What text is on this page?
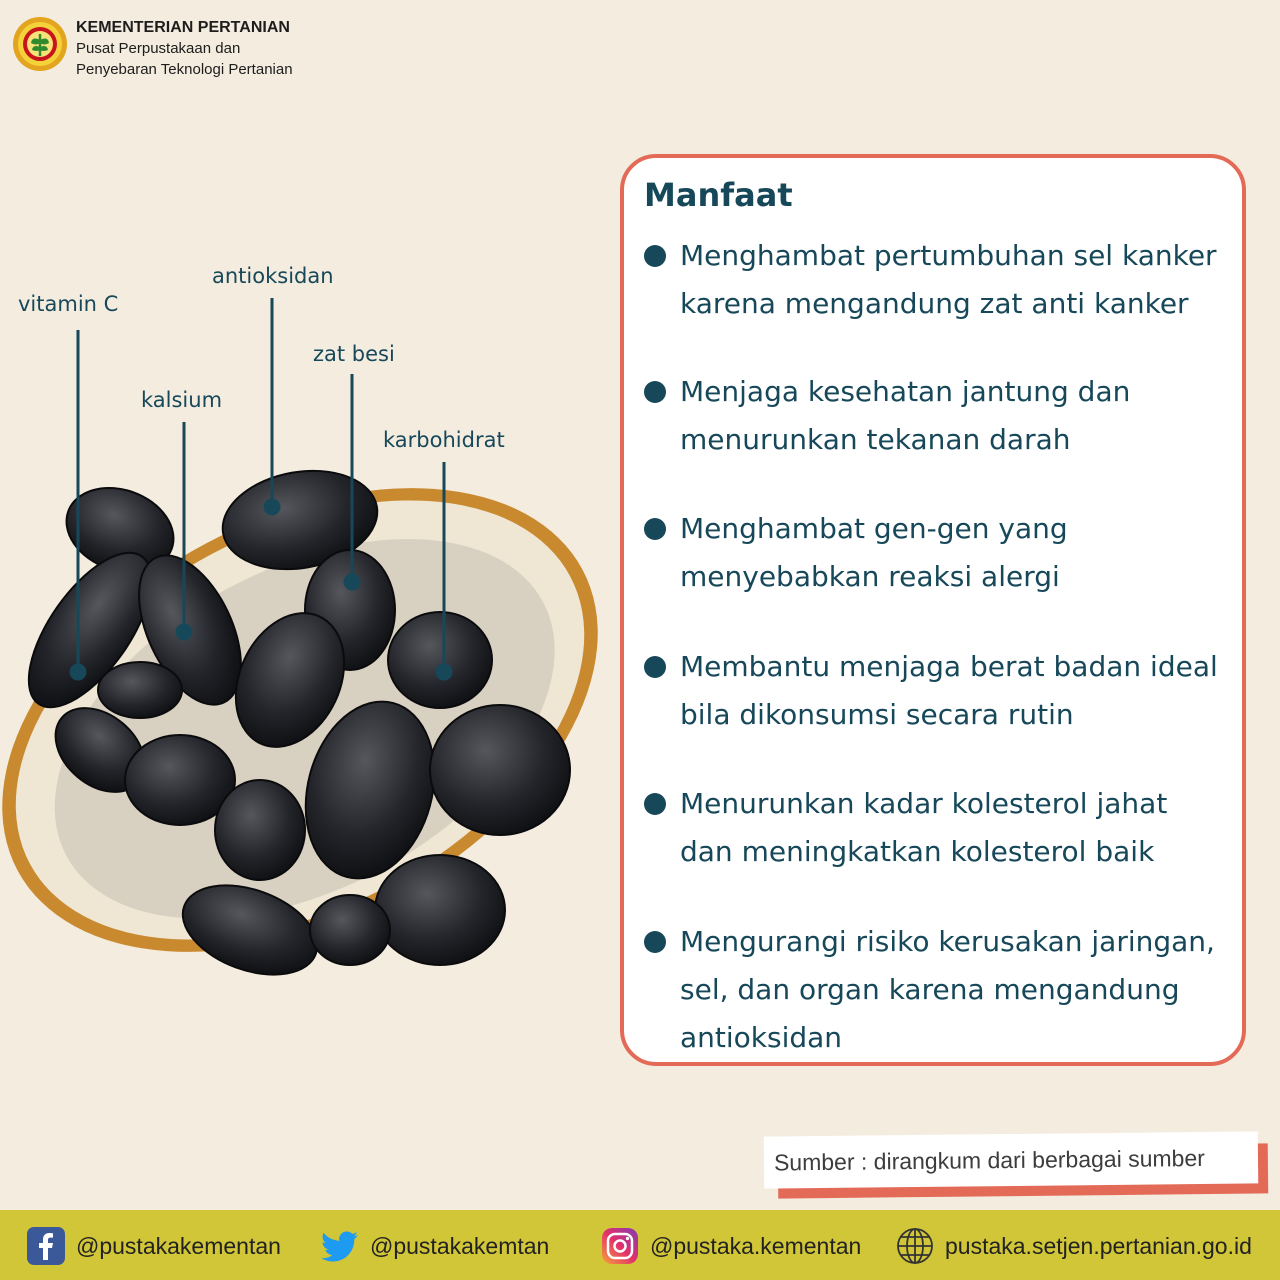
KEMENTERIAN PERTANIAN
Pusat Perpustakaan dan
Penyebaran Teknologi Pertanian
vitamin C
antioksidan
kalsium
zat besi
karbohidrat
Manfaat
Menghambat pertumbuhan sel kanker
karena mengandung zat anti kanker
Menjaga kesehatan jantung dan
menurunkan tekanan darah
Menghambat gen-gen yang
menyebabkan reaksi alergi
Membantu menjaga berat badan ideal
bila dikonsumsi secara rutin
Menurunkan kadar kolesterol jahat
dan meningkatkan kolesterol baik
Mengurangi risiko kerusakan jaringan,
sel, dan organ karena mengandung
antioksidan
Sumber : dirangkum dari berbagai sumber
@pustakakementan	@pustakakemtan	@pustaka.kementan	pustaka.setjen.pertanian.go.id
